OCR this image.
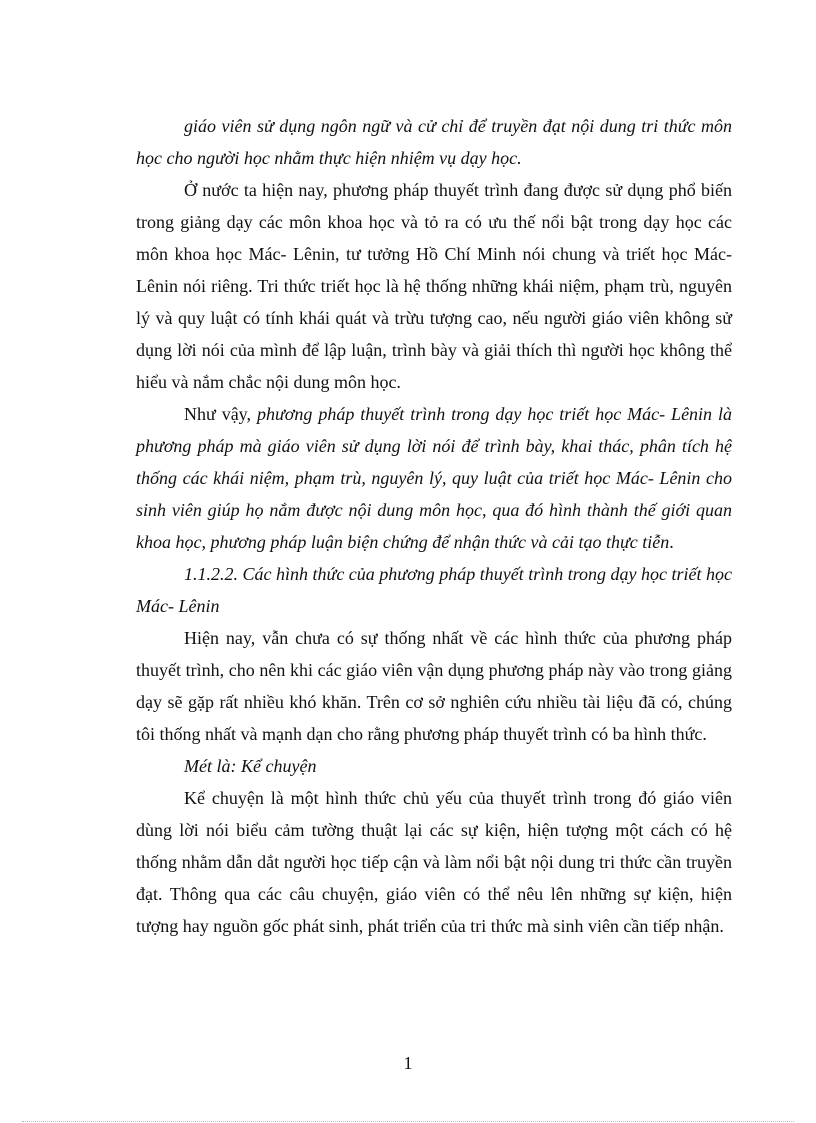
giáo viên sử dụng ngôn ngữ và cử chỉ để truyền đạt nội dung tri thức môn học cho người học nhằm thực hiện nhiệm vụ dạy học.

Ở nước ta hiện nay, phương pháp thuyết trình đang được sử dụng phổ biến trong giảng dạy các môn khoa học và tỏ ra có ưu thế nổi bật trong dạy học các môn khoa học Mác- Lênin, tư tưởng Hồ Chí Minh nói chung và triết học Mác- Lênin nói riêng. Tri thức triết học là hệ thống những khái niệm, phạm trù, nguyên lý và quy luật có tính khái quát và trừu tượng cao, nếu người giáo viên không sử dụng lời nói của mình để lập luận, trình bày và giải thích thì người học không thể hiểu và nắm chắc nội dung môn học.

Như vậy, phương pháp thuyết trình trong dạy học triết học Mác- Lênin là phương pháp mà giáo viên sử dụng lời nói để trình bày, khai thác, phân tích hệ thống các khái niệm, phạm trù, nguyên lý, quy luật của triết học Mác- Lênin cho sinh viên giúp họ nắm được nội dung môn học, qua đó hình thành thế giới quan khoa học, phương pháp luận biện chứng để nhận thức và cải tạo thực tiễn.

1.1.2.2. Các hình thức của phương pháp thuyết trình trong dạy học triết học Mác- Lênin

Hiện nay, vẫn chưa có sự thống nhất về các hình thức của phương pháp thuyết trình, cho nên khi các giáo viên vận dụng phương pháp này vào trong giảng dạy sẽ gặp rất nhiều khó khăn. Trên cơ sở nghiên cứu nhiều tài liệu đã có, chúng tôi thống nhất và mạnh dạn cho rằng phương pháp thuyết trình có ba hình thức.

Mét là: Kể chuyện

Kể chuyện là một hình thức chủ yếu của thuyết trình trong đó giáo viên dùng lời nói biểu cảm tường thuật lại các sự kiện, hiện tượng một cách có hệ thống nhằm dẫn dắt người học tiếp cận và làm nổi bật nội dung tri thức cần truyền đạt. Thông qua các câu chuyện, giáo viên có thể nêu lên những sự kiện, hiện tượng hay nguồn gốc phát sinh, phát triển của tri thức mà sinh viên cần tiếp nhận.

1
